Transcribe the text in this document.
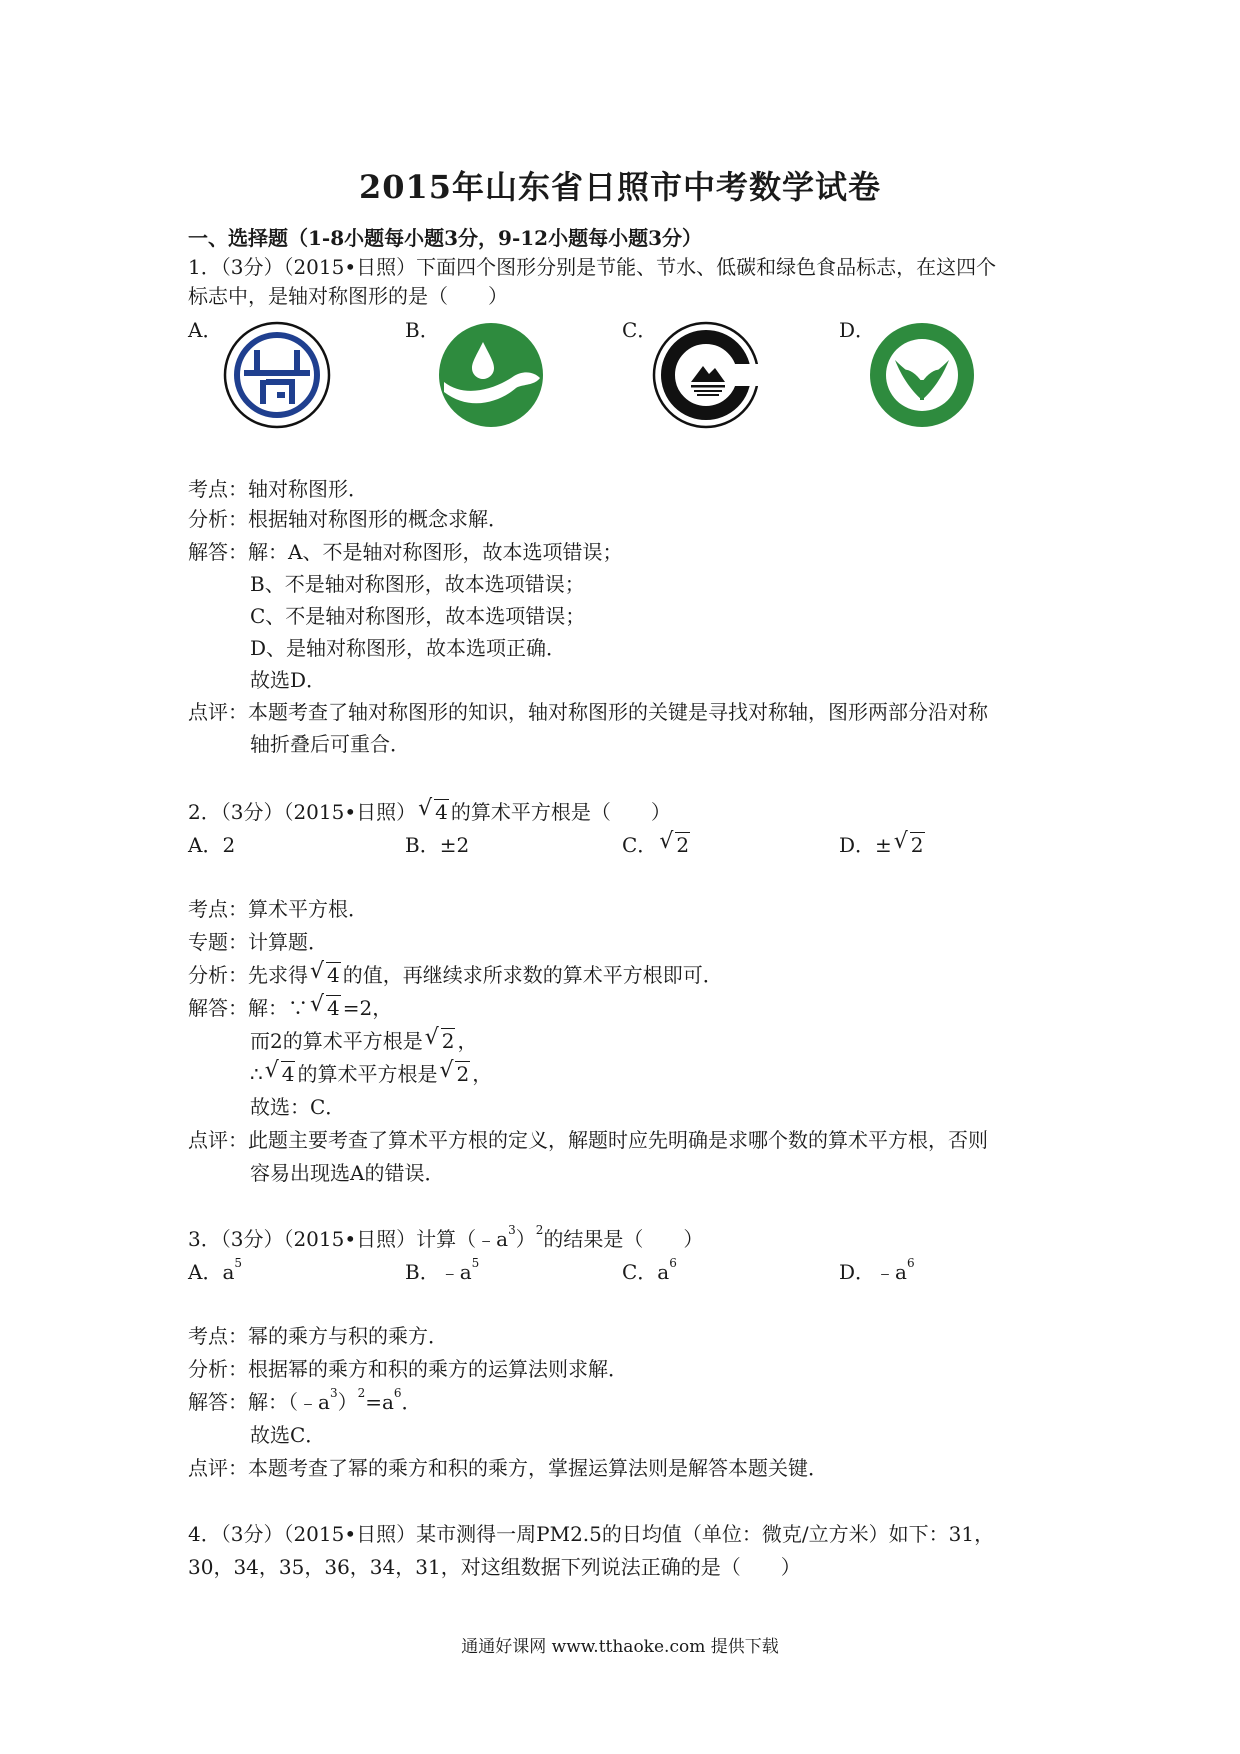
2015年山东省日照市中考数学试卷
一、选择题（1-8小题每小题3分，9-12小题每小题3分）
1．（3分）（2015•日照）下面四个图形分别是节能、节水、低碳和绿色食品标志，在这四个
标志中，是轴对称图形的是（　　）
A．	B．	C．	D．
考点：轴对称图形．
分析：根据轴对称图形的概念求解．
解答：解：A、不是轴对称图形，故本选项错误；
B、不是轴对称图形，故本选项错误；
C、不是轴对称图形，故本选项错误；
D、是轴对称图形，故本选项正确．
故选D．
点评：本题考查了轴对称图形的知识，轴对称图形的关键是寻找对称轴，图形两部分沿对称
轴折叠后可重合．
2．（3分）（2015•日照） √ 4 的算术平方根是（　　）
A．2	B．±2	C． √ 2	D．± √ 2
考点：算术平方根．
专题：计算题．
分析：先求得 √ 4 的值，再继续求所求数的算术平方根即可．
解答：解：∵ √ 4 =2，
而2的算术平方根是 √ 2 ，
∴ √ 4 的算术平方根是 √ 2 ，
故选：C．
点评：此题主要考查了算术平方根的定义，解题时应先明确是求哪个数的算术平方根，否则
容易出现选A的错误．
3．（3分）（2015•日照）计算$(﹣a^3)^2$的结果是（　　）
A．$a^5$	B．$﹣a^5$	C．$a^6$	D．$﹣a^6$
考点：幂的乘方与积的乘方．
分析：根据幂的乘方和积的乘方的运算法则求解．
解答：解：$(﹣a^3)^2=a^6$．
故选C．
点评：本题考查了幂的乘方和积的乘方，掌握运算法则是解答本题关键．
4．（3分）（2015•日照）某市测得一周PM2.5的日均值（单位：微克/立方米）如下：31，
30，34，35，36，34，31，对这组数据下列说法正确的是（　　）
通通好课网 www.tthaoke.com 提供下载
